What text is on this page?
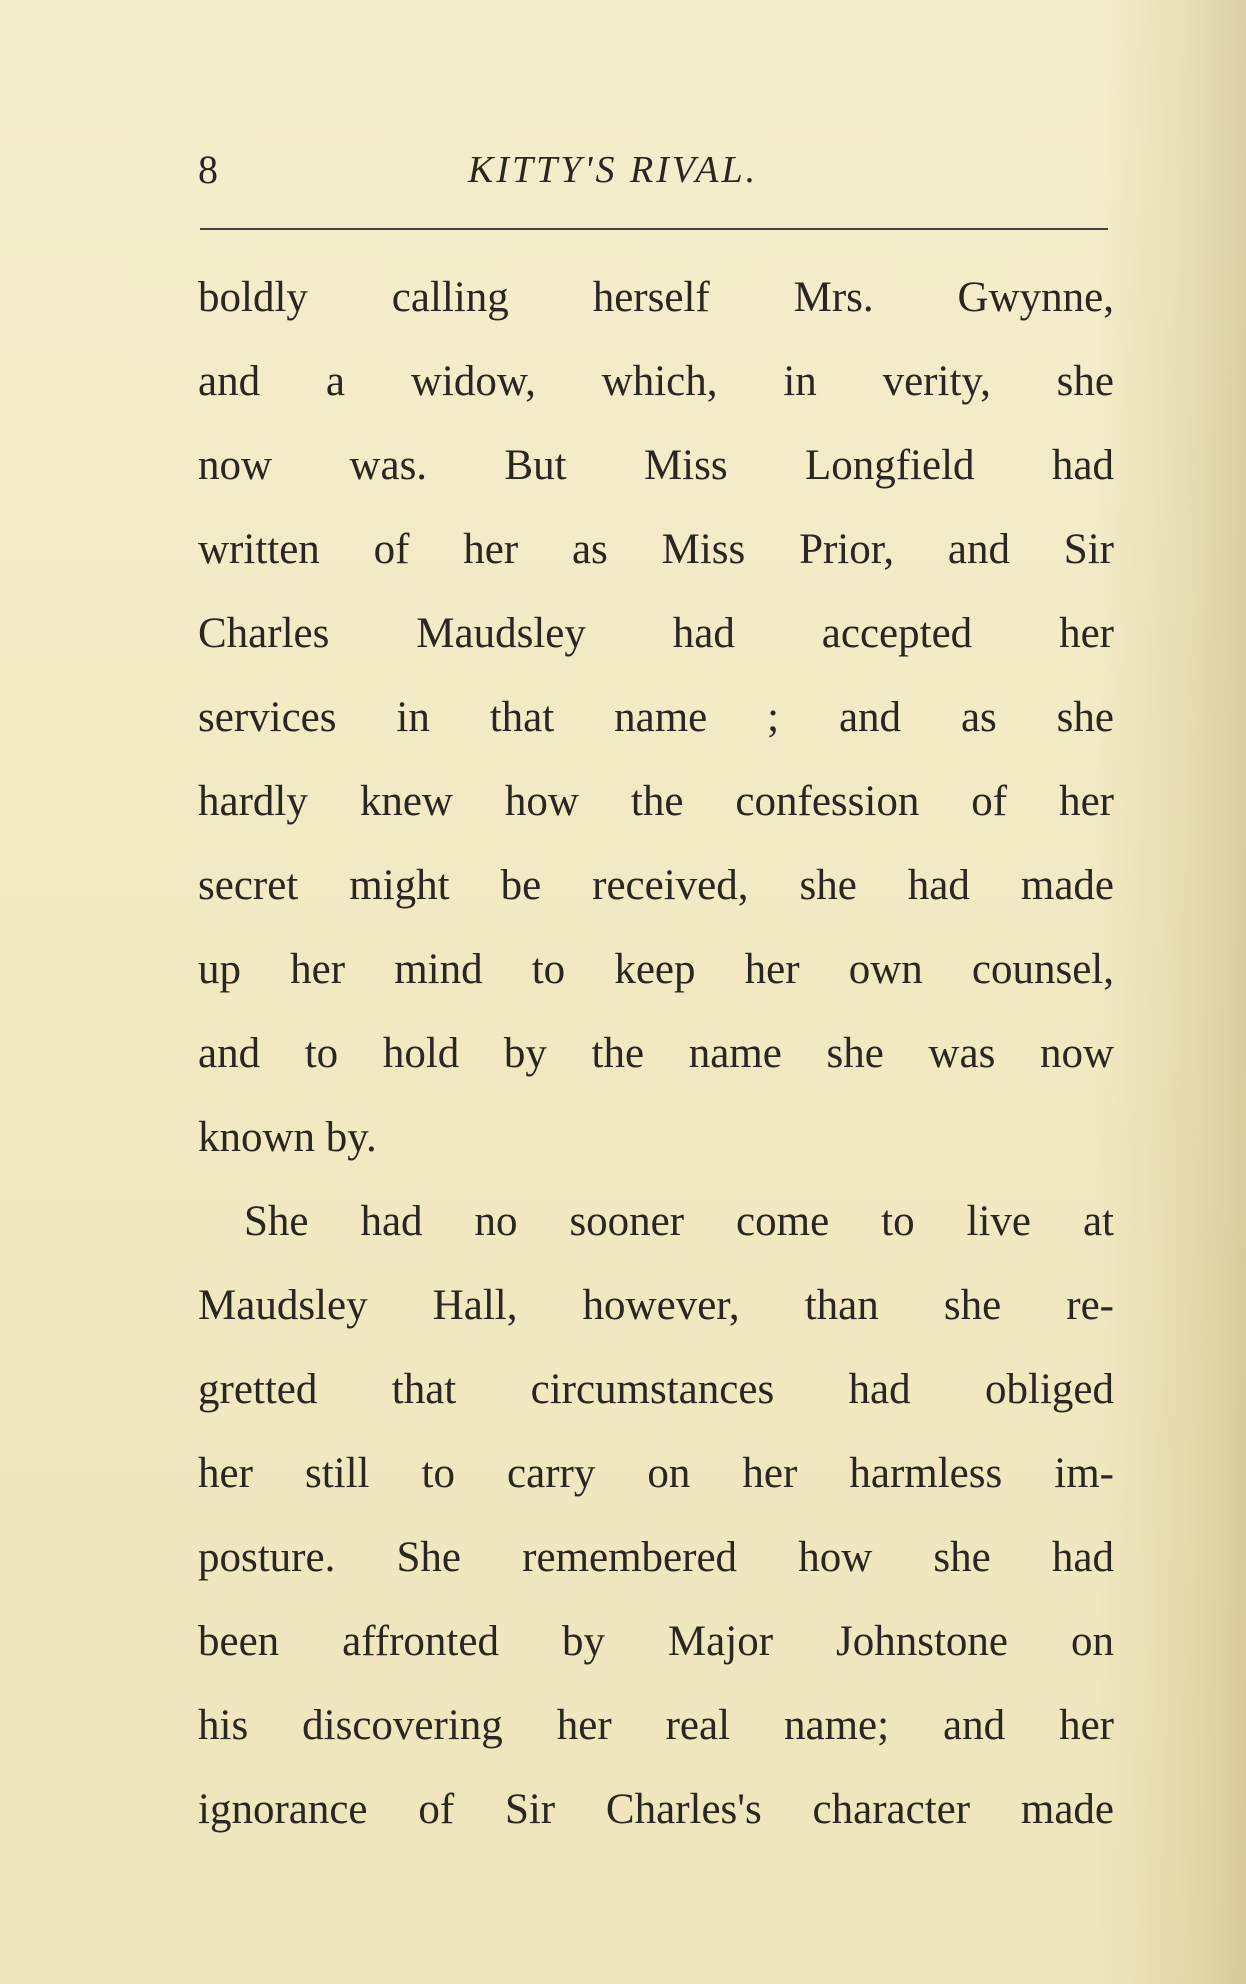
8	KITTY'S RIVAL.
boldly calling herself Mrs. Gwynne,
and a widow, which, in verity, she
now was. But Miss Longfield had
written of her as Miss Prior, and Sir
Charles Maudsley had accepted her
services in that name ; and as she
hardly knew how the confession of her
secret might be received, she had made
up her mind to keep her own counsel,
and to hold by the name she was now
known by.
She had no sooner come to live at
Maudsley Hall, however, than she re-
gretted that circumstances had obliged
her still to carry on her harmless im-
posture. She remembered how she had
been affronted by Major Johnstone on
his discovering her real name; and her
ignorance of Sir Charles's character made
